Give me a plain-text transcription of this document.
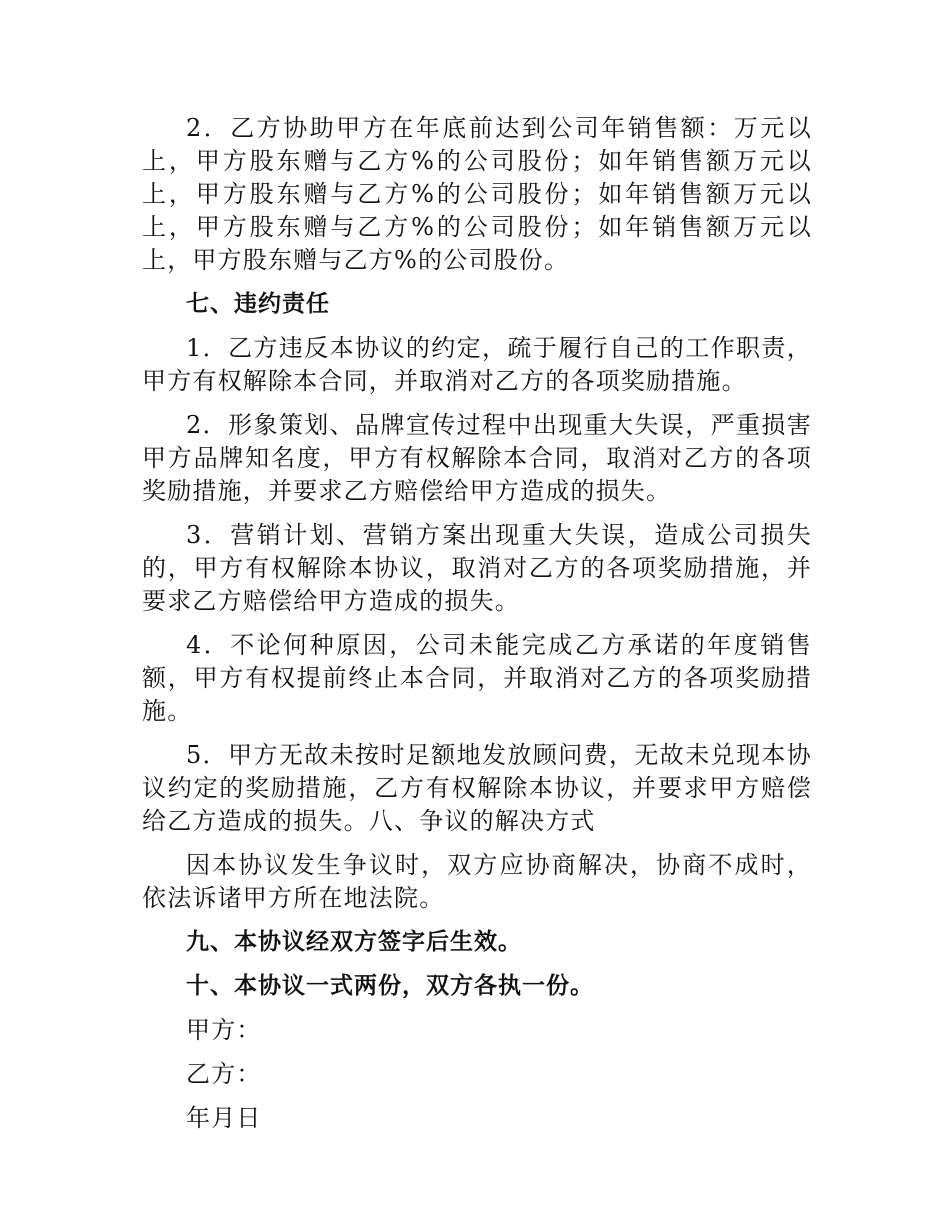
2．乙方协助甲方在年底前达到公司年销售额：万元以上，甲方股东赠与乙方%的公司股份；如年销售额万元以上，甲方股东赠与乙方%的公司股份；如年销售额万元以上，甲方股东赠与乙方%的公司股份；如年销售额万元以上，甲方股东赠与乙方%的公司股份。

七、违约责任

1．乙方违反本协议的约定，疏于履行自己的工作职责，甲方有权解除本合同，并取消对乙方的各项奖励措施。

2．形象策划、品牌宣传过程中出现重大失误，严重损害甲方品牌知名度，甲方有权解除本合同，取消对乙方的各项奖励措施，并要求乙方赔偿给甲方造成的损失。

3．营销计划、营销方案出现重大失误，造成公司损失的，甲方有权解除本协议，取消对乙方的各项奖励措施，并要求乙方赔偿给甲方造成的损失。

4．不论何种原因，公司未能完成乙方承诺的年度销售额，甲方有权提前终止本合同，并取消对乙方的各项奖励措施。

5．甲方无故未按时足额地发放顾问费，无故未兑现本协议约定的奖励措施，乙方有权解除本协议，并要求甲方赔偿给乙方造成的损失。八、争议的解决方式

因本协议发生争议时，双方应协商解决，协商不成时，依法诉诸甲方所在地法院。

九、本协议经双方签字后生效。

十、本协议一式两份，双方各执一份。

甲方：

乙方：

年月日
